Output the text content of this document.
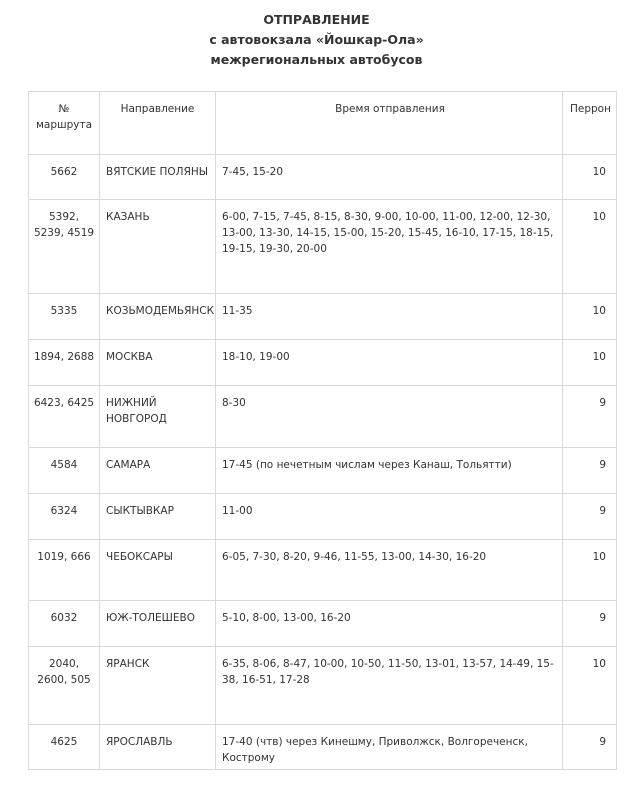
ОТПРАВЛЕНИЕ
с автовокзала «Йошкар-Ола»
межрегиональных автобусов
№ маршрута	Направление	Время отправления	Перрон

5662	ВЯТСКИЕ ПОЛЯНЫ	7-45, 15-20	10

5392, 5239, 4519	КАЗАНЬ	6-00, 7-15, 7-45, 8-15, 8-30, 9-00, 10-00, 11-00, 12-00, 12-30, 13-00, 13-30, 14-15, 15-00, 15-20, 15-45, 16-10, 17-15, 18-15, 19-15, 19-30, 20-00	10

5335	КОЗЬМОДЕМЬЯНСК	11-35	10

1894, 2688	МОСКВА	18-10, 19-00	10

6423, 6425	НИЖНИЙ НОВГОРОД	8-30	9

4584	САМАРА	17-45 (по нечетным числам через Канаш, Тольятти)	9

6324	СЫКТЫВКАР	11-00	9

1019, 666	ЧЕБОКСАРЫ	6-05, 7-30, 8-20, 9-46, 11-55, 13-00, 14-30, 16-20	10

6032	ЮЖ-ТОЛЕШЕВО	5-10, 8-00, 13-00, 16-20	9

2040, 2600, 505	ЯРАНСК	6-35, 8-06, 8-47, 10-00, 10-50, 11-50, 13-01, 13-57, 14-49, 15-38, 16-51, 17-28	10

4625	ЯРОСЛАВЛЬ	17-40 (чтв) через Кинешму, Приволжск, Волгореченск, Кострому	9
